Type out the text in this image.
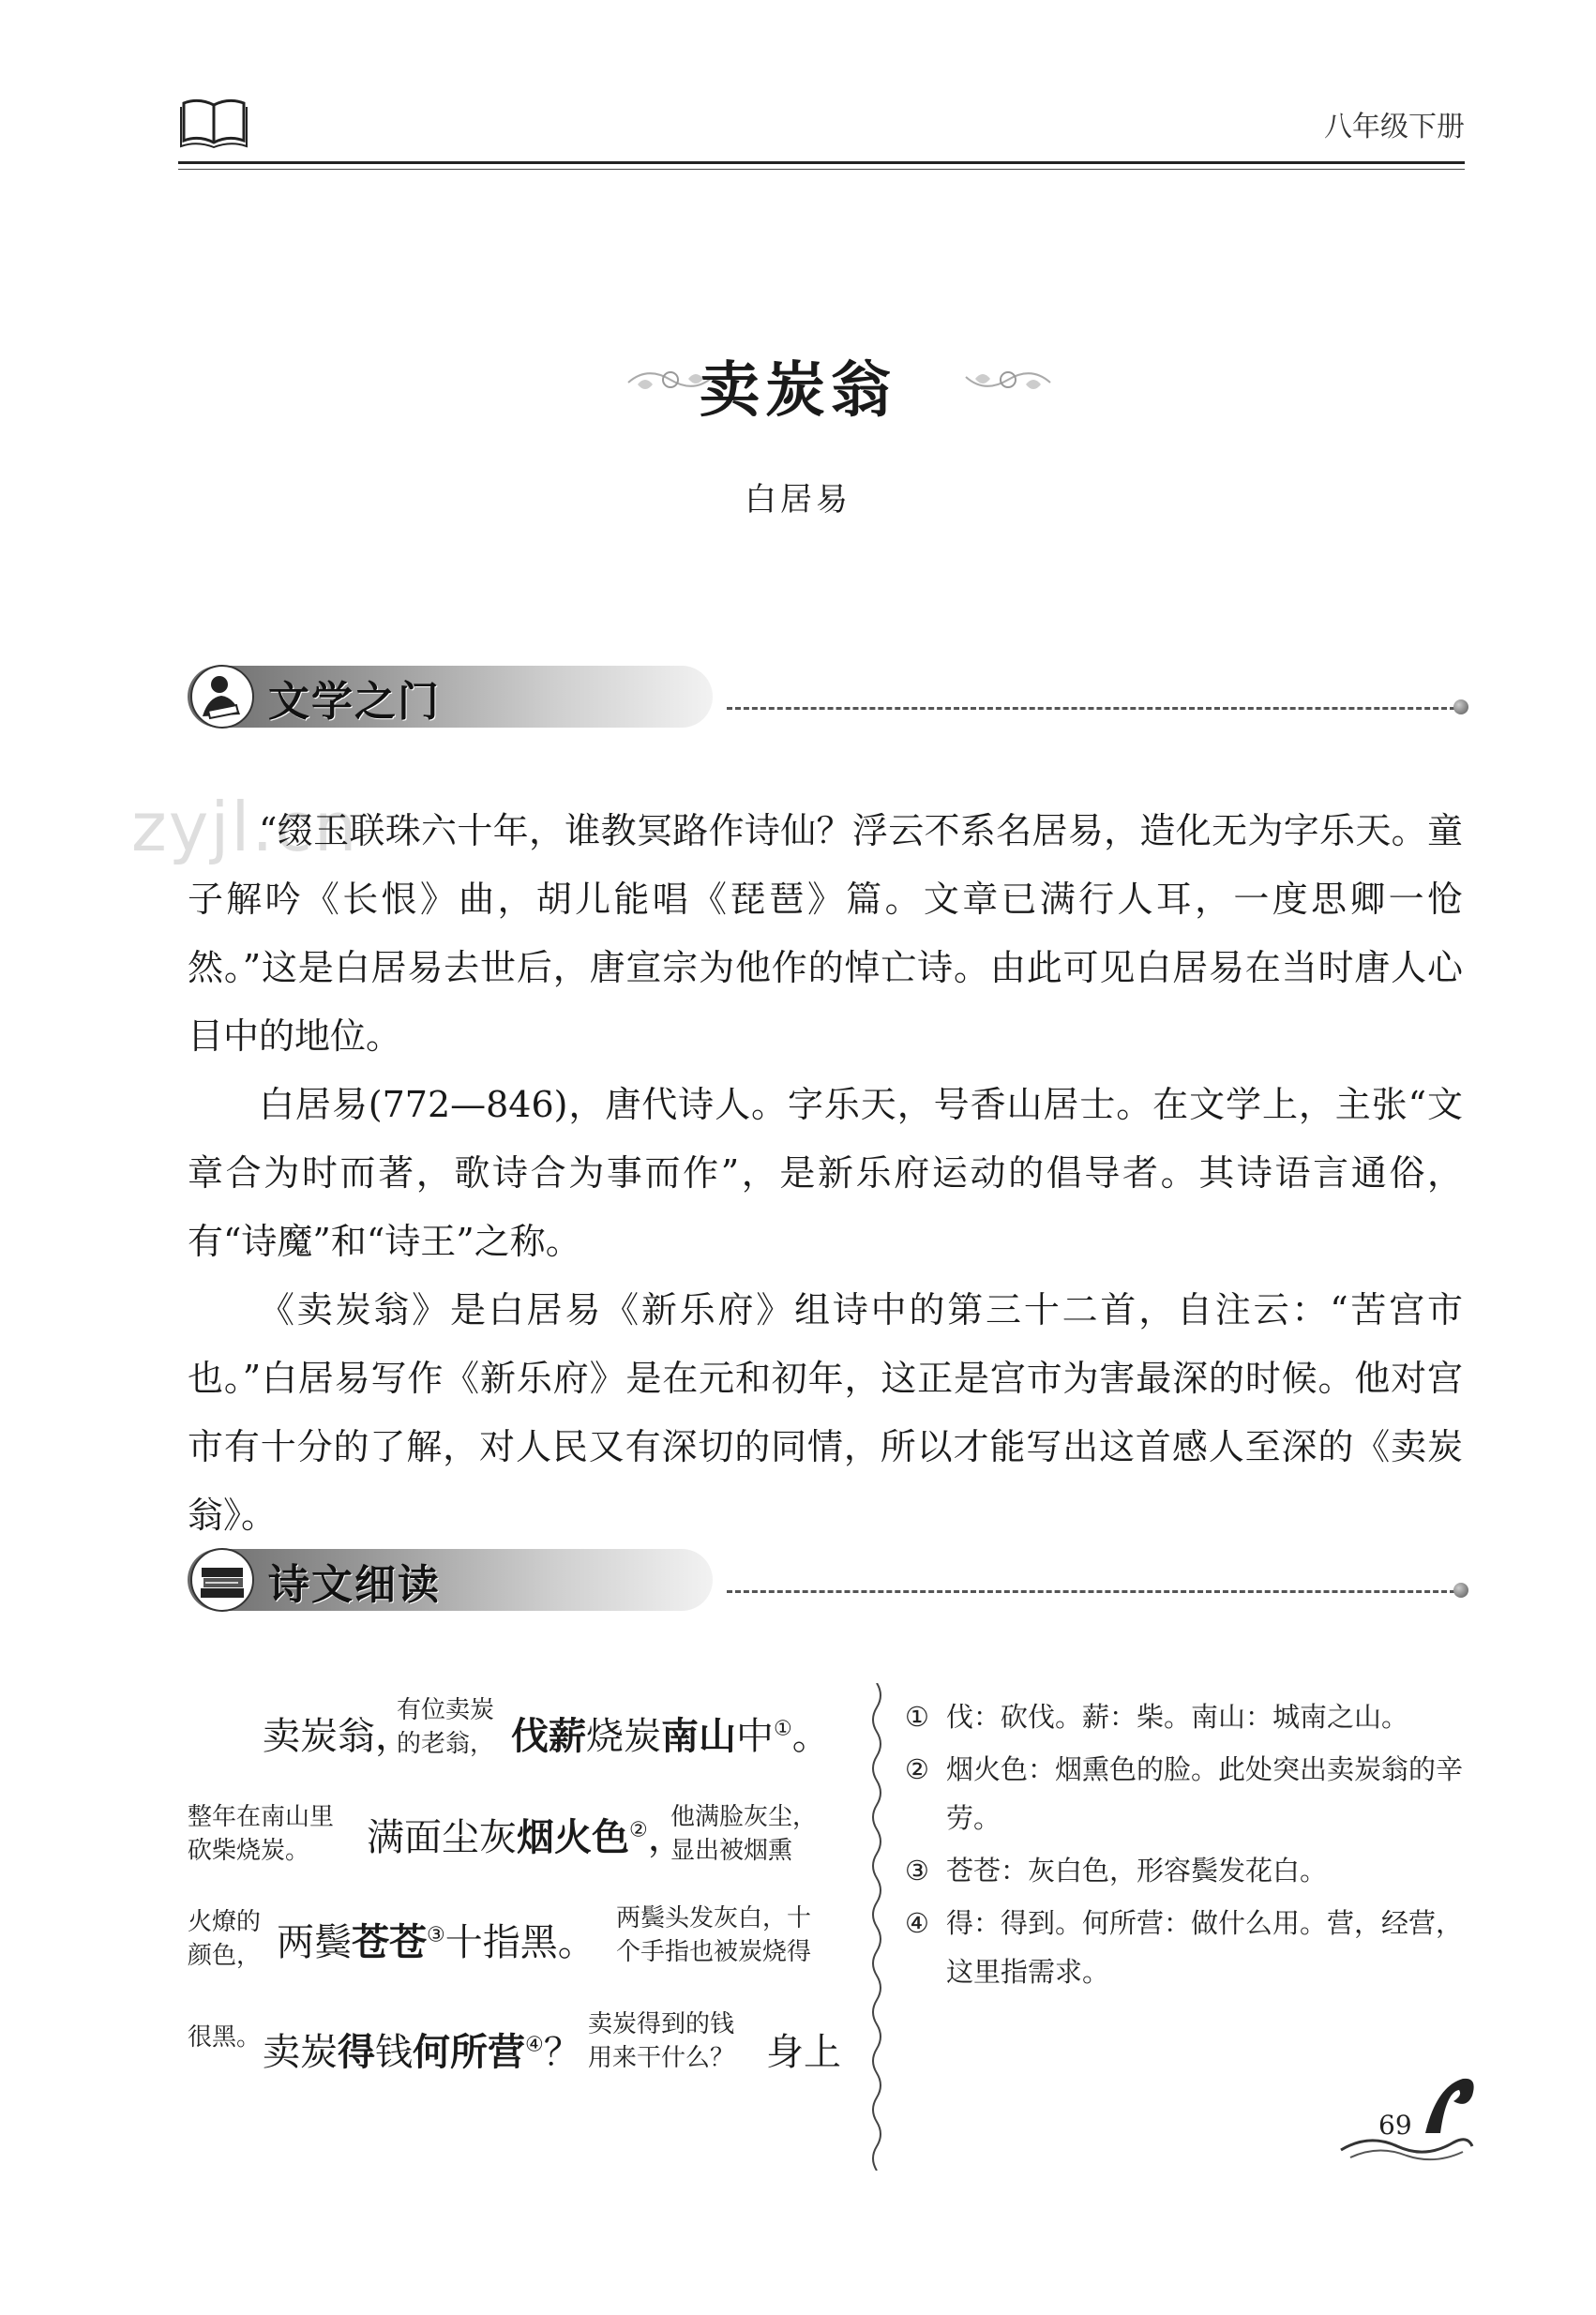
八年级下册
卖炭翁
白居易
文学之门
zyjl.cn

“缀玉联珠六十年，谁教冥路作诗仙？浮云不系名居易，造化无为字乐天。童子解吟《长恨》曲，胡儿能唱《琵琶》篇。文章已满行人耳，一度思卿一怆然。”这是白居易去世后，唐宣宗为他作的悼亡诗。由此可见白居易在当时唐人心目中的地位。

白居易(772—846)，唐代诗人。字乐天，号香山居士。在文学上，主张“文章合为时而著，歌诗合为事而作”，是新乐府运动的倡导者。其诗语言通俗，有“诗魔”和“诗王”之称。

《卖炭翁》是白居易《新乐府》组诗中的第三十二首，自注云：“苦宫市也。”白居易写作《新乐府》是在元和初年，这正是宫市为害最深的时候。他对宫市有十分的了解，对人民又有深切的同情，所以才能写出这首感人至深的《卖炭翁》。

诗文细读
卖炭翁，
有位卖炭
的老翁， 伐薪烧炭南山中①。
整年在南山里
砍柴烧炭。	满面尘灰烟火色②，
他满脸灰尘，
显出被烟熏
火燎的
颜色， 两鬓苍苍③十指黑。
两鬓头发灰白，十
个手指也被炭烧得
很黑。 卖炭得钱何所营④？
卖炭得到的钱
用来干什么？ 身上
① 伐：砍伐。薪：柴。南山：城南之山。
② 烟火色：烟熏色的脸。此处突出卖炭翁的辛劳。
③ 苍苍：灰白色，形容鬓发花白。
④ 得：得到。何所营：做什么用。营，经营，这里指需求。
69
